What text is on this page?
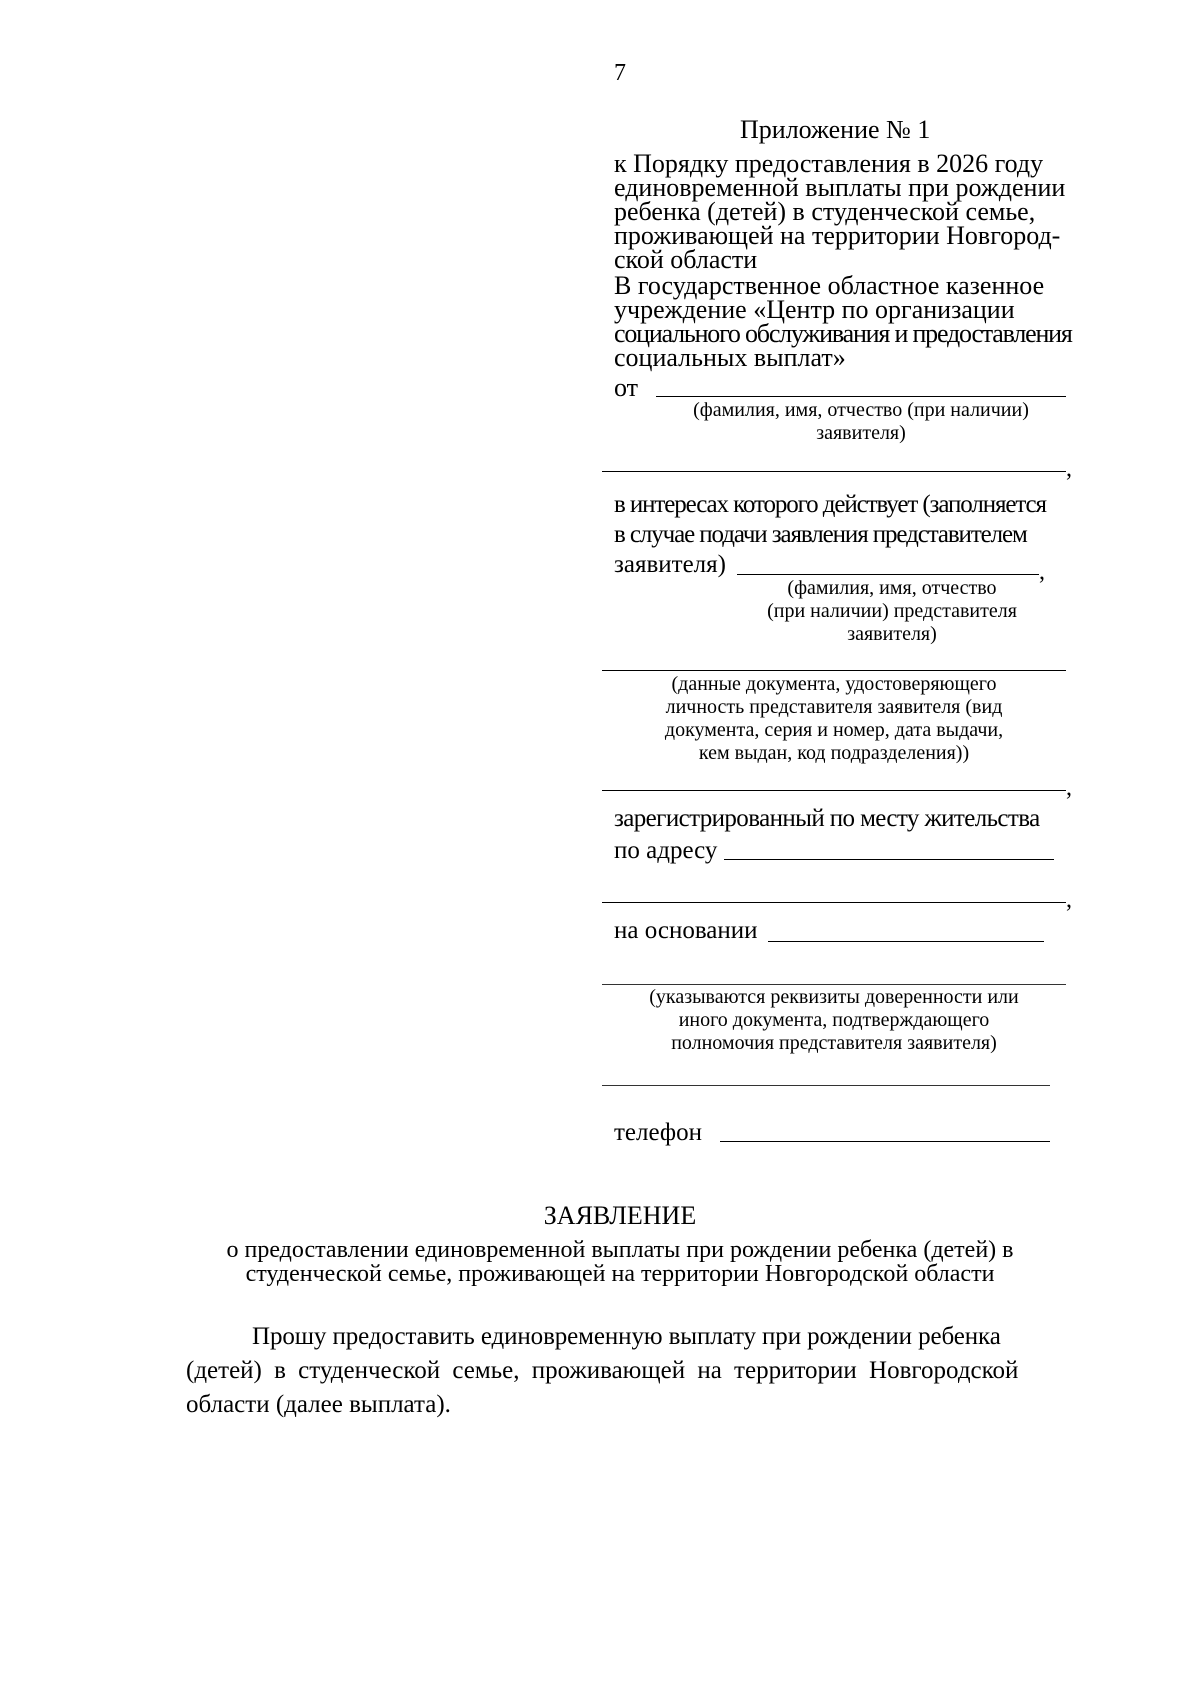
7
Приложение № 1
к Порядку предоставления в 2026 году
единовременной выплаты при рождении
ребенка (детей) в студенческой семье,
проживающей на территории Новгород-
ской области
В государственное областное казенное
учреждение «Центр по организации
социального обслуживания и предоставления
социальных выплат»
от
(фамилия, имя, отчество (при наличии)
заявителя)
,
в интересах которого действует (заполняется
в случае подачи заявления представителем
заявителя)	,
(фамилия, имя, отчество
(при наличии) представителя
заявителя)
(данные документа, удостоверяющего
личность представителя заявителя (вид
документа, серия и номер, дата выдачи,
кем выдан, код подразделения))
,
зарегистрированный по месту жительства
по адресу
,
на основании
(указываются реквизиты доверенности или
иного документа, подтверждающего
полномочия представителя заявителя)
телефон
ЗАЯВЛЕНИЕ
о предоставлении единовременной выплаты при рождении ребенка (детей) в
студенческой семье, проживающей на территории Новгородской области
Прошу предоставить единовременную выплату при рождении ребенка
(детей) в студенческой семье, проживающей на территории Новгородской
области (далее выплата).
